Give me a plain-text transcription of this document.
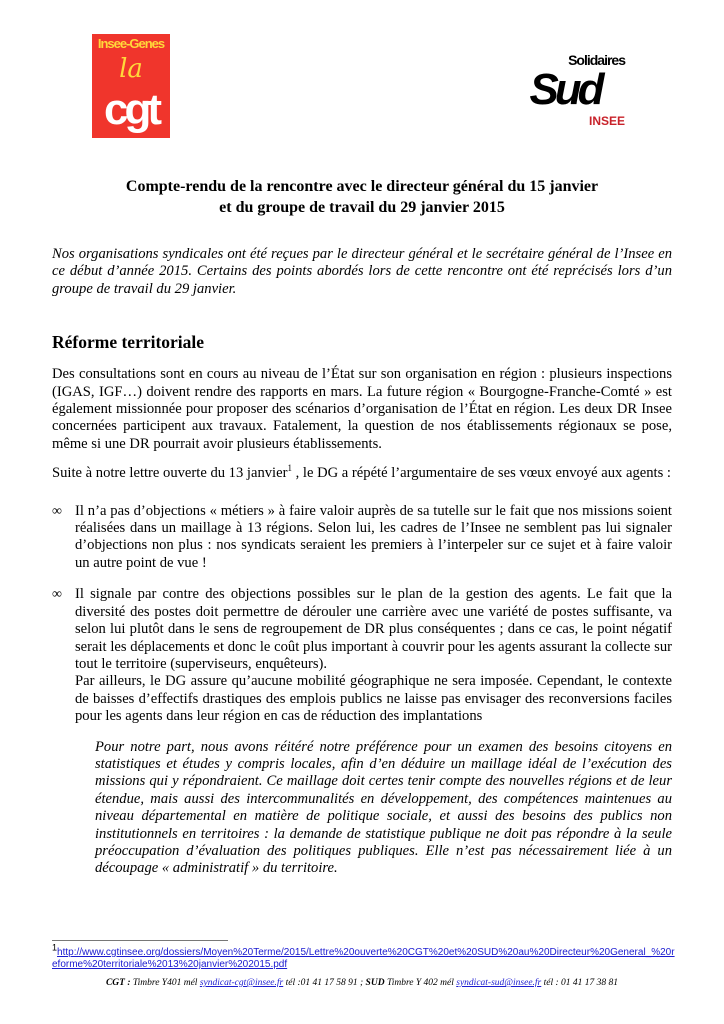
Insee-Genes
la
cgt
Solidaires
Sud
INSEE
Compte-rendu de la rencontre avec le directeur général du 15 janvier
et du groupe de travail du 29 janvier 2015
Nos organisations syndicales ont été reçues par le directeur général et le secrétaire général de l’Insee en ce début d’année 2015. Certains des points abordés lors de cette rencontre ont été reprécisés lors d’un groupe de travail du 29 janvier.
Réforme territoriale
Des consultations sont en cours au niveau de l’État sur son organisation en région : plusieurs inspections (IGAS, IGF…) doivent rendre des rapports en mars. La future région « Bourgogne-Franche-Comté » est également missionnée pour proposer des scénarios d’organisation de l’État en région. Les deux DR Insee concernées participent aux travaux. Fatalement, la question de nos établissements régionaux se pose, même si une DR pourrait avoir plusieurs établissements.
Suite à notre lettre ouverte du 13 janvier$^1$ , le DG a répété l’argumentaire de ses vœux envoyé aux agents :
∞ Il n’a pas d’objections « métiers » à faire valoir auprès de sa tutelle sur le fait que nos missions soient réalisées dans un maillage à 13 régions. Selon lui, les cadres de l’Insee ne semblent pas lui signaler d’objections non plus : nos syndicats seraient les premiers à l’interpeler sur ce sujet et à faire valoir un autre point de vue !
∞ Il signale par contre des objections possibles sur le plan de la gestion des agents. Le fait que la diversité des postes doit permettre de dérouler une carrière avec une variété de postes suffisante, va selon lui plutôt dans le sens de regroupement de DR plus conséquentes ; dans ce cas, le point négatif serait les déplacements et donc le coût plus important à couvrir pour les agents assurant la collecte sur tout le territoire (superviseurs, enquêteurs).
Par ailleurs, le DG assure qu’aucune mobilité géographique ne sera imposée. Cependant, le contexte de baisses d’effectifs drastiques des emplois publics ne laisse pas envisager des reconversions faciles pour les agents dans leur région en cas de réduction des implantations
Pour notre part, nous avons réitéré notre préférence pour un examen des besoins citoyens en statistiques et études y compris locales, afin d’en déduire un maillage idéal de l’exécution des missions qui y répondraient. Ce maillage doit certes tenir compte des nouvelles régions et de leur étendue, mais aussi des intercommunalités en développement, des compétences maintenues au niveau départemental en matière de politique sociale, et aussi des besoins des publics non institutionnels en territoires : la demande de statistique publique ne doit pas répondre à la seule préoccupation d’évaluation des politiques publiques. Elle n’est pas nécessairement liée à un découpage « administratif » du territoire.
$^1$http://www.cgtinsee.org/dossiers/Moyen%20Terme/2015/Lettre%20ouverte%20CGT%20et%20SUD%20au%20Directeur%20General_%20reforme%20territoriale%2013%20janvier%202015.pdf
CGT : Timbre Y401 mél syndicat-cgt@insee.fr tél :01 41 17 58 91 ; SUD Timbre Y 402 mél syndicat-sud@insee.fr tél : 01 41 17 38 81
